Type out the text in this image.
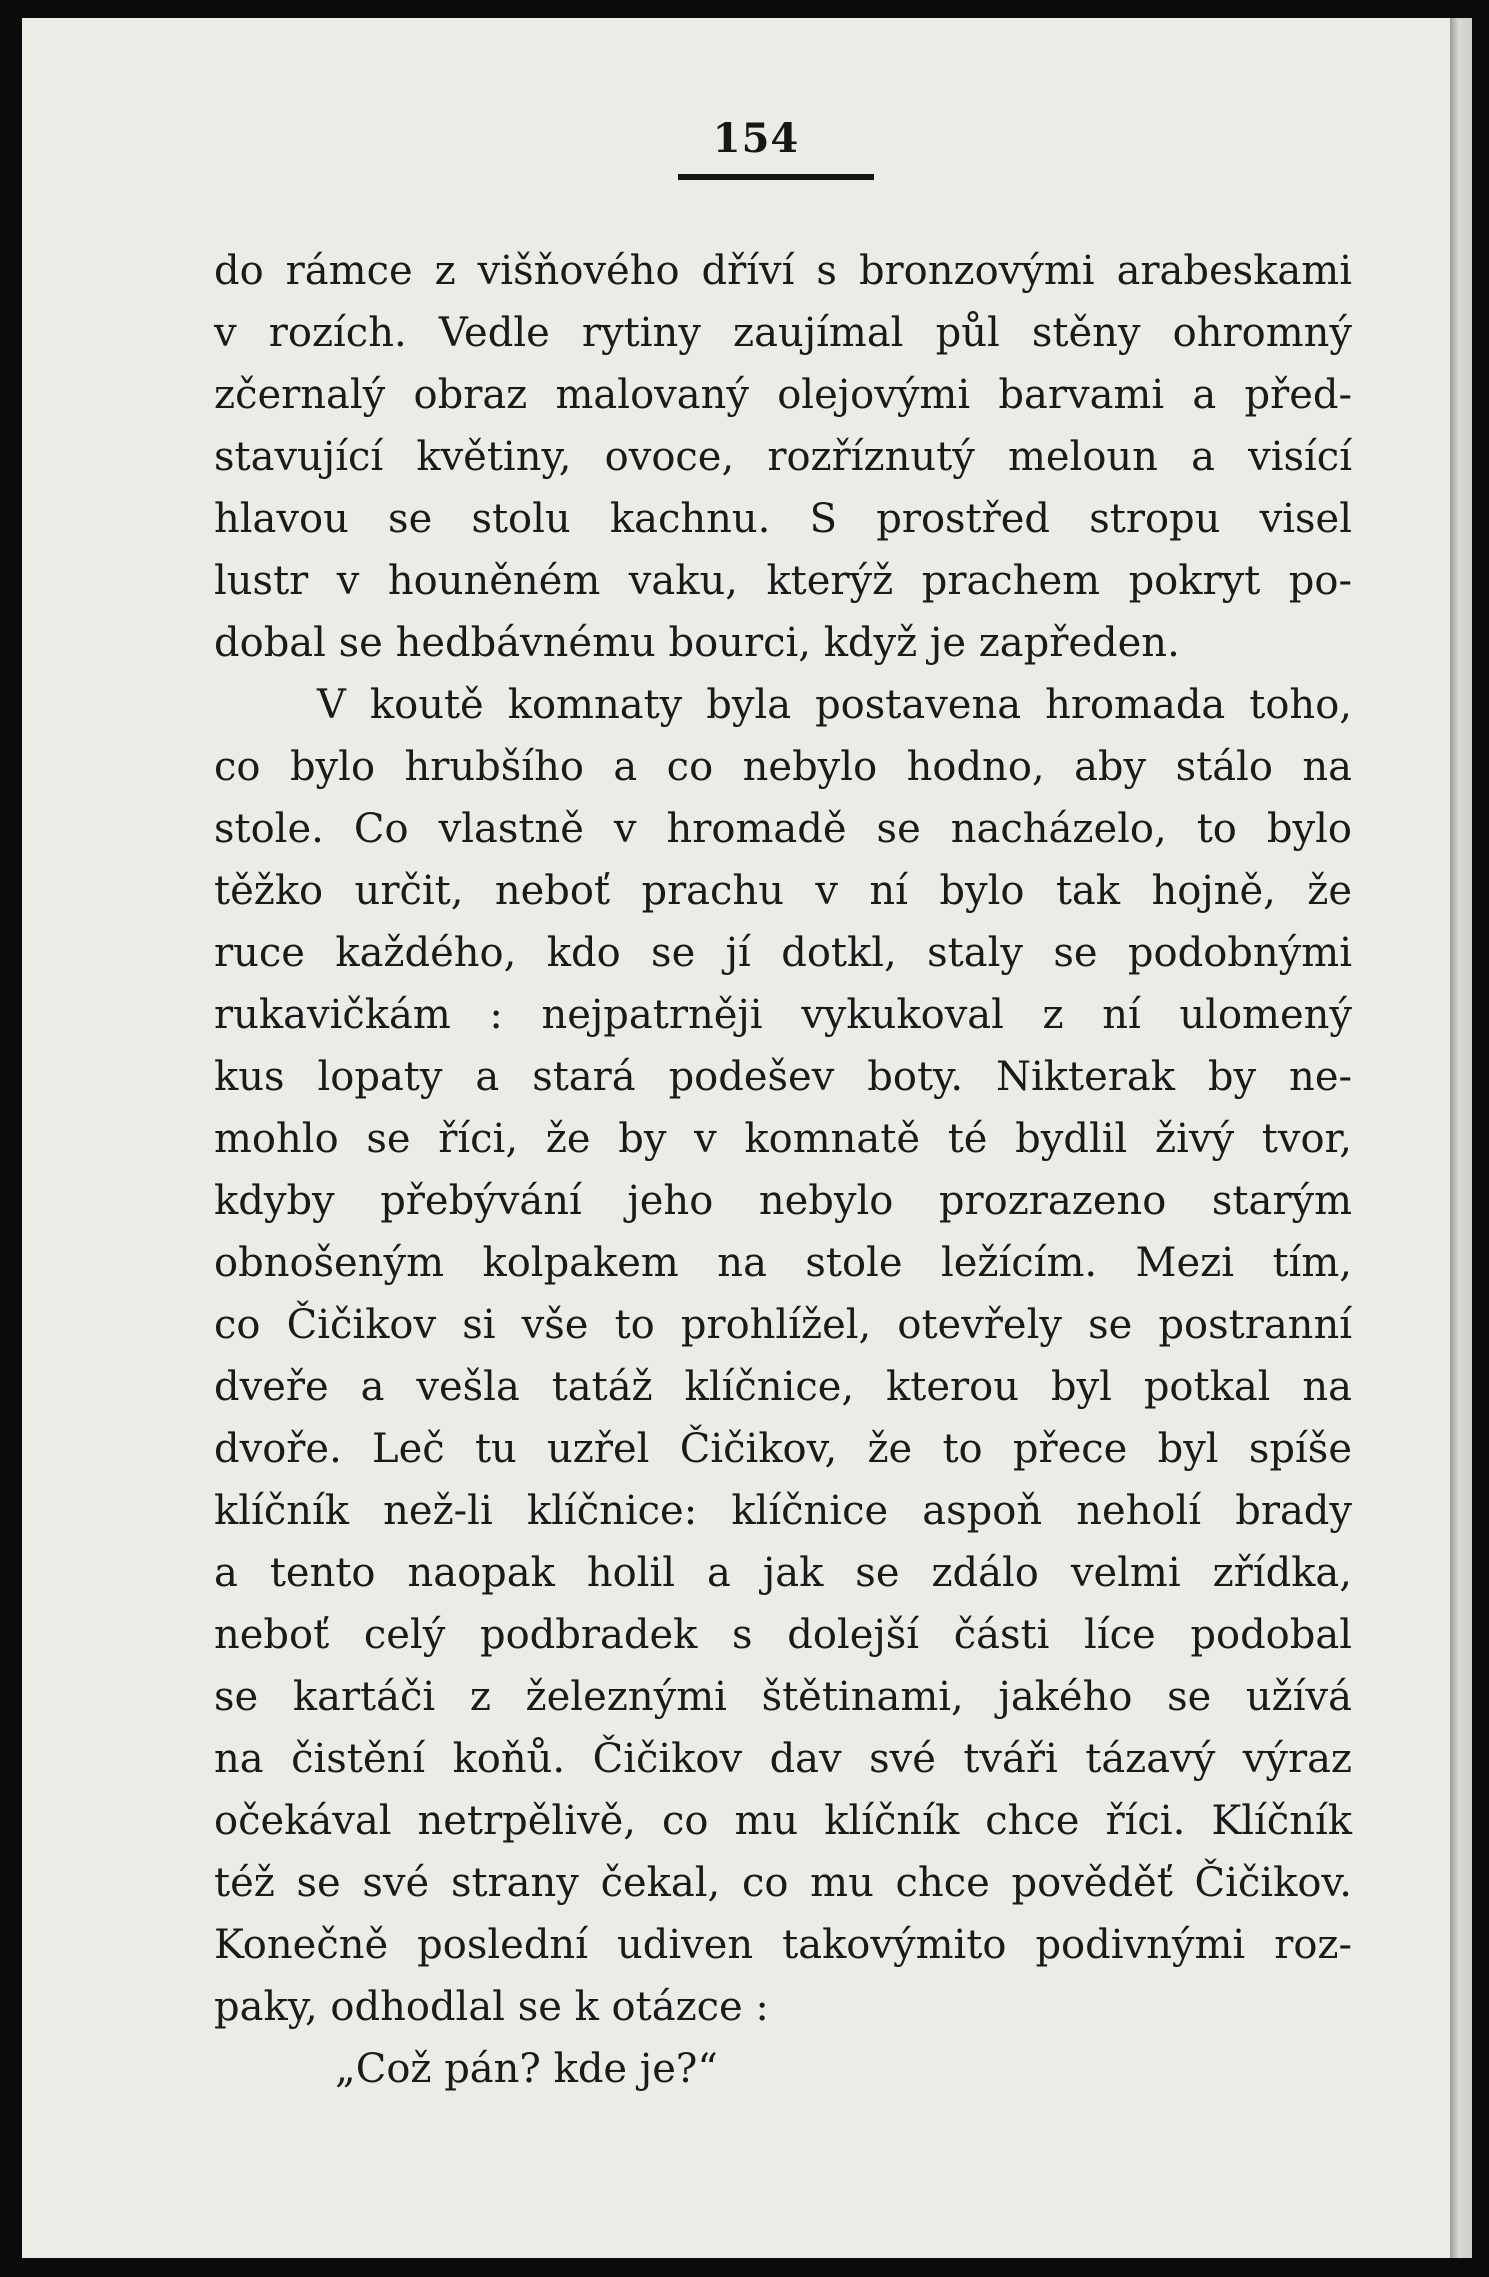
154
do rámce z višňového dříví s bronzovými arabeskami
v rozích. Vedle rytiny zaujímal půl stěny ohromný
zčernalý obraz malovaný olejovými barvami a před-
stavující květiny, ovoce, rozříznutý meloun a visící
hlavou se stolu kachnu. S prostřed stropu visel
lustr v houněném vaku, kterýž prachem pokryt po-
dobal se hedbávnému bourci, když je zapředen.
V koutě komnaty byla postavena hromada toho,
co bylo hrubšího a co nebylo hodno, aby stálo na
stole. Co vlastně v hromadě se nacházelo, to bylo
těžko určit, neboť prachu v ní bylo tak hojně, že
ruce každého, kdo se jí dotkl, staly se podobnými
rukavičkám : nejpatrněji vykukoval z ní ulomený
kus lopaty a stará podešev boty. Nikterak by ne-
mohlo se říci, že by v komnatě té bydlil živý tvor,
kdyby přebývání jeho nebylo prozrazeno starým
obnošeným kolpakem na stole ležícím. Mezi tím,
co Čičikov si vše to prohlížel, otevřely se postranní
dveře a vešla tatáž klíčnice, kterou byl potkal na
dvoře. Leč tu uzřel Čičikov, že to přece byl spíše
klíčník než-li klíčnice: klíčnice aspoň neholí brady
a tento naopak holil a jak se zdálo velmi zřídka,
neboť celý podbradek s dolejší části líce podobal
se kartáči z železnými štětinami, jakého se užívá
na čistění koňů. Čičikov dav své tváři tázavý výraz
očekával netrpělivě, co mu klíčník chce říci. Klíčník
též se své strany čekal, co mu chce pověděť Čičikov.
Konečně poslední udiven takovýmito podivnými roz-
paky, odhodlal se k otázce :
„Což pán? kde je?“
